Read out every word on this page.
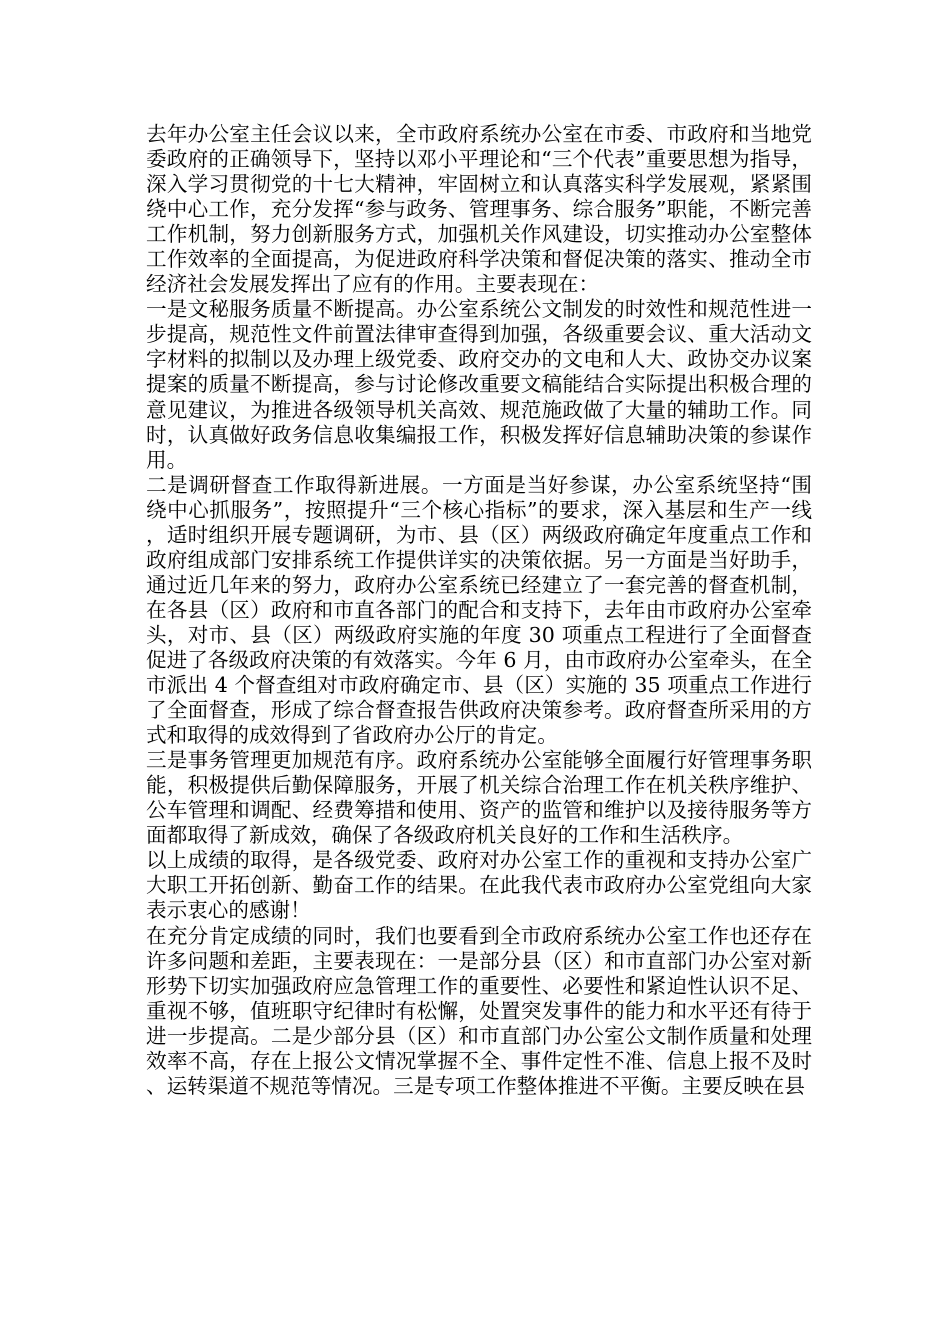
去年办公室主任会议以来，全市政府系统办公室在市委、市政府和当地党委政府的正确领导下，坚持以邓小平理论和“三个代表”重要思想为指导，深入学习贯彻党的十七大精神，牢固树立和认真落实科学发展观，紧紧围绕中心工作，充分发挥“参与政务、管理事务、综合服务”职能，不断完善工作机制，努力创新服务方式，加强机关作风建设，切实推动办公室整体工作效率的全面提高，为促进政府科学决策和督促决策的落实、推动全市经济社会发展发挥出了应有的作用。主要表现在：

一是文秘服务质量不断提高。办公室系统公文制发的时效性和规范性进一步提高，规范性文件前置法律审查得到加强，各级重要会议、重大活动文字材料的拟制以及办理上级党委、政府交办的文电和人大、政协交办议案提案的质量不断提高，参与讨论修改重要文稿能结合实际提出积极合理的意见建议，为推进各级领导机关高效、规范施政做了大量的辅助工作。同时，认真做好政务信息收集编报工作，积极发挥好信息辅助决策的参谋作用。

二是调研督查工作取得新进展。一方面是当好参谋，办公室系统坚持“围绕中心抓服务”，按照提升“三个核心指标”的要求，深入基层和生产一线，适时组织开展专题调研，为市、县（区）两级政府确定年度重点工作和政府组成部门安排系统工作提供详实的决策依据。另一方面是当好助手，通过近几年来的努力，政府办公室系统已经建立了一套完善的督查机制，在各县（区）政府和市直各部门的配合和支持下，去年由市政府办公室牵头，对市、县（区）两级政府实施的年度 30 项重点工程进行了全面督查促进了各级政府决策的有效落实。今年 6 月，由市政府办公室牵头，在全市派出 4 个督查组对市政府确定市、县（区）实施的 35 项重点工作进行了全面督查，形成了综合督查报告供政府决策参考。政府督查所采用的方式和取得的成效得到了省政府办公厅的肯定。

三是事务管理更加规范有序。政府系统办公室能够全面履行好管理事务职能，积极提供后勤保障服务，开展了机关综合治理工作在机关秩序维护、公车管理和调配、经费筹措和使用、资产的监管和维护以及接待服务等方面都取得了新成效，确保了各级政府机关良好的工作和生活秩序。

以上成绩的取得，是各级党委、政府对办公室工作的重视和支持办公室广大职工开拓创新、勤奋工作的结果。在此我代表市政府办公室党组向大家表示衷心的感谢！

在充分肯定成绩的同时，我们也要看到全市政府系统办公室工作也还存在许多问题和差距，主要表现在：一是部分县（区）和市直部门办公室对新形势下切实加强政府应急管理工作的重要性、必要性和紧迫性认识不足、重视不够，值班职守纪律时有松懈，处置突发事件的能力和水平还有待于进一步提高。二是少部分县（区）和市直部门办公室公文制作质量和处理效率不高，存在上报公文情况掌握不全、事件定性不准、信息上报不及时、运转渠道不规范等情况。三是专项工作整体推进不平衡。主要反映在县
